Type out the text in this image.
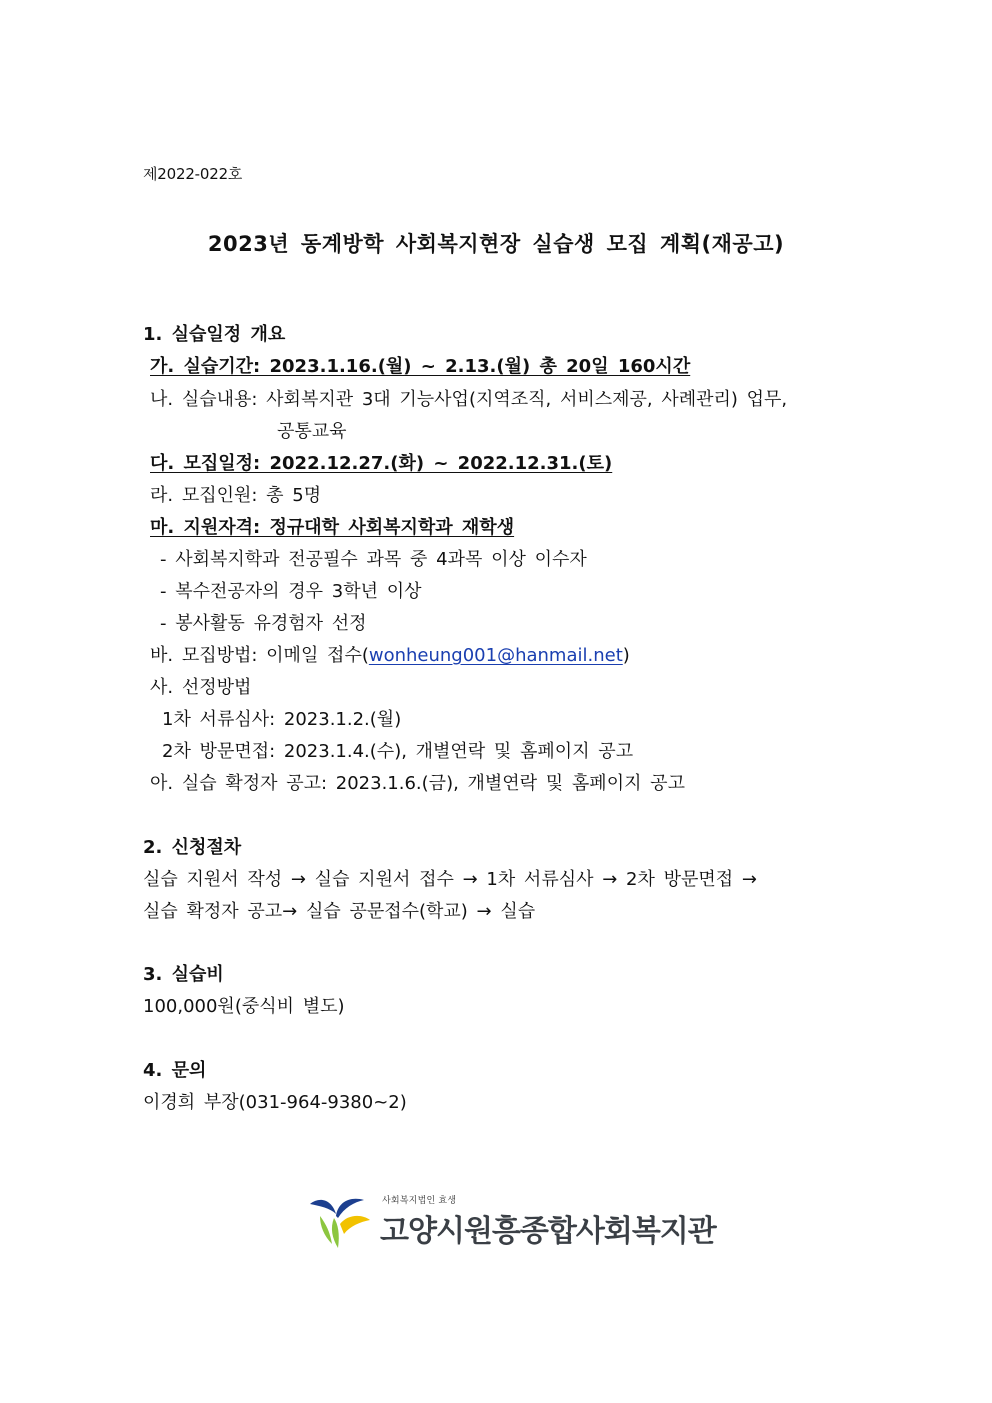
제2022-022호
2023년 동계방학 사회복지현장 실습생 모집 계획(재공고)
1. 실습일정 개요
가. 실습기간: 2023.1.16.(월) ~ 2.13.(월) 총 20일 160시간
나. 실습내용: 사회복지관 3대 기능사업(지역조직, 서비스제공, 사례관리) 업무,
공통교육
다. 모집일정: 2022.12.27.(화) ~ 2022.12.31.(토)
라. 모집인원: 총 5명
마. 지원자격: 정규대학 사회복지학과 재학생
- 사회복지학과 전공필수 과목 중 4과목 이상 이수자
- 복수전공자의 경우 3학년 이상
- 봉사활동 유경험자 선정
바. 모집방법: 이메일 접수(wonheung001@hanmail.net)
사. 선정방법
1차 서류심사: 2023.1.2.(월)
2차 방문면접: 2023.1.4.(수), 개별연락 및 홈페이지 공고
아. 실습 확정자 공고: 2023.1.6.(금), 개별연락 및 홈페이지 공고
2. 신청절차
실습 지원서 작성 → 실습 지원서 접수 → 1차 서류심사 → 2차 방문면접 →
실습 확정자 공고→ 실습 공문접수(학교) → 실습
3. 실습비
100,000원(중식비 별도)
4. 문의
이경희 부장(031-964-9380~2)
사회복지법인 효생
고양시원흥종합사회복지관
